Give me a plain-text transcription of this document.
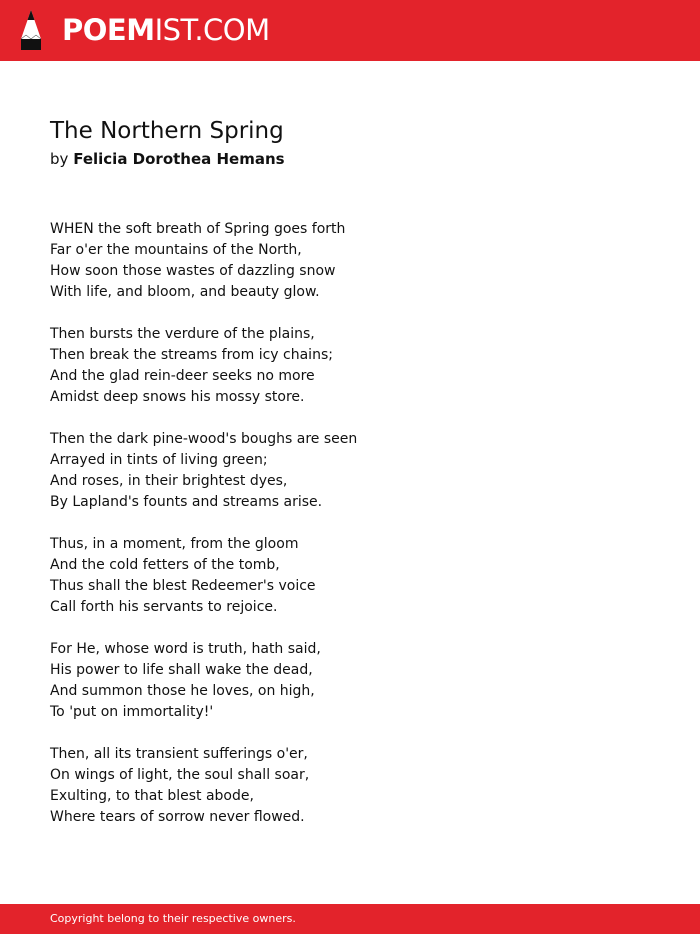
POEMIST.COM
The Northern Spring
by Felicia Dorothea Hemans
WHEN the soft breath of Spring goes forth
Far o'er the mountains of the North,
How soon those wastes of dazzling snow
With life, and bloom, and beauty glow.
Then bursts the verdure of the plains,
Then break the streams from icy chains;
And the glad rein-deer seeks no more
Amidst deep snows his mossy store.
Then the dark pine-wood's boughs are seen
Arrayed in tints of living green;
And roses, in their brightest dyes,
By Lapland's founts and streams arise.
Thus, in a moment, from the gloom
And the cold fetters of the tomb,
Thus shall the blest Redeemer's voice
Call forth his servants to rejoice.
For He, whose word is truth, hath said,
His power to life shall wake the dead,
And summon those he loves, on high,
To 'put on immortality!'
Then, all its transient sufferings o'er,
On wings of light, the soul shall soar,
Exulting, to that blest abode,
Where tears of sorrow never flowed.
Copyright belong to their respective owners.
